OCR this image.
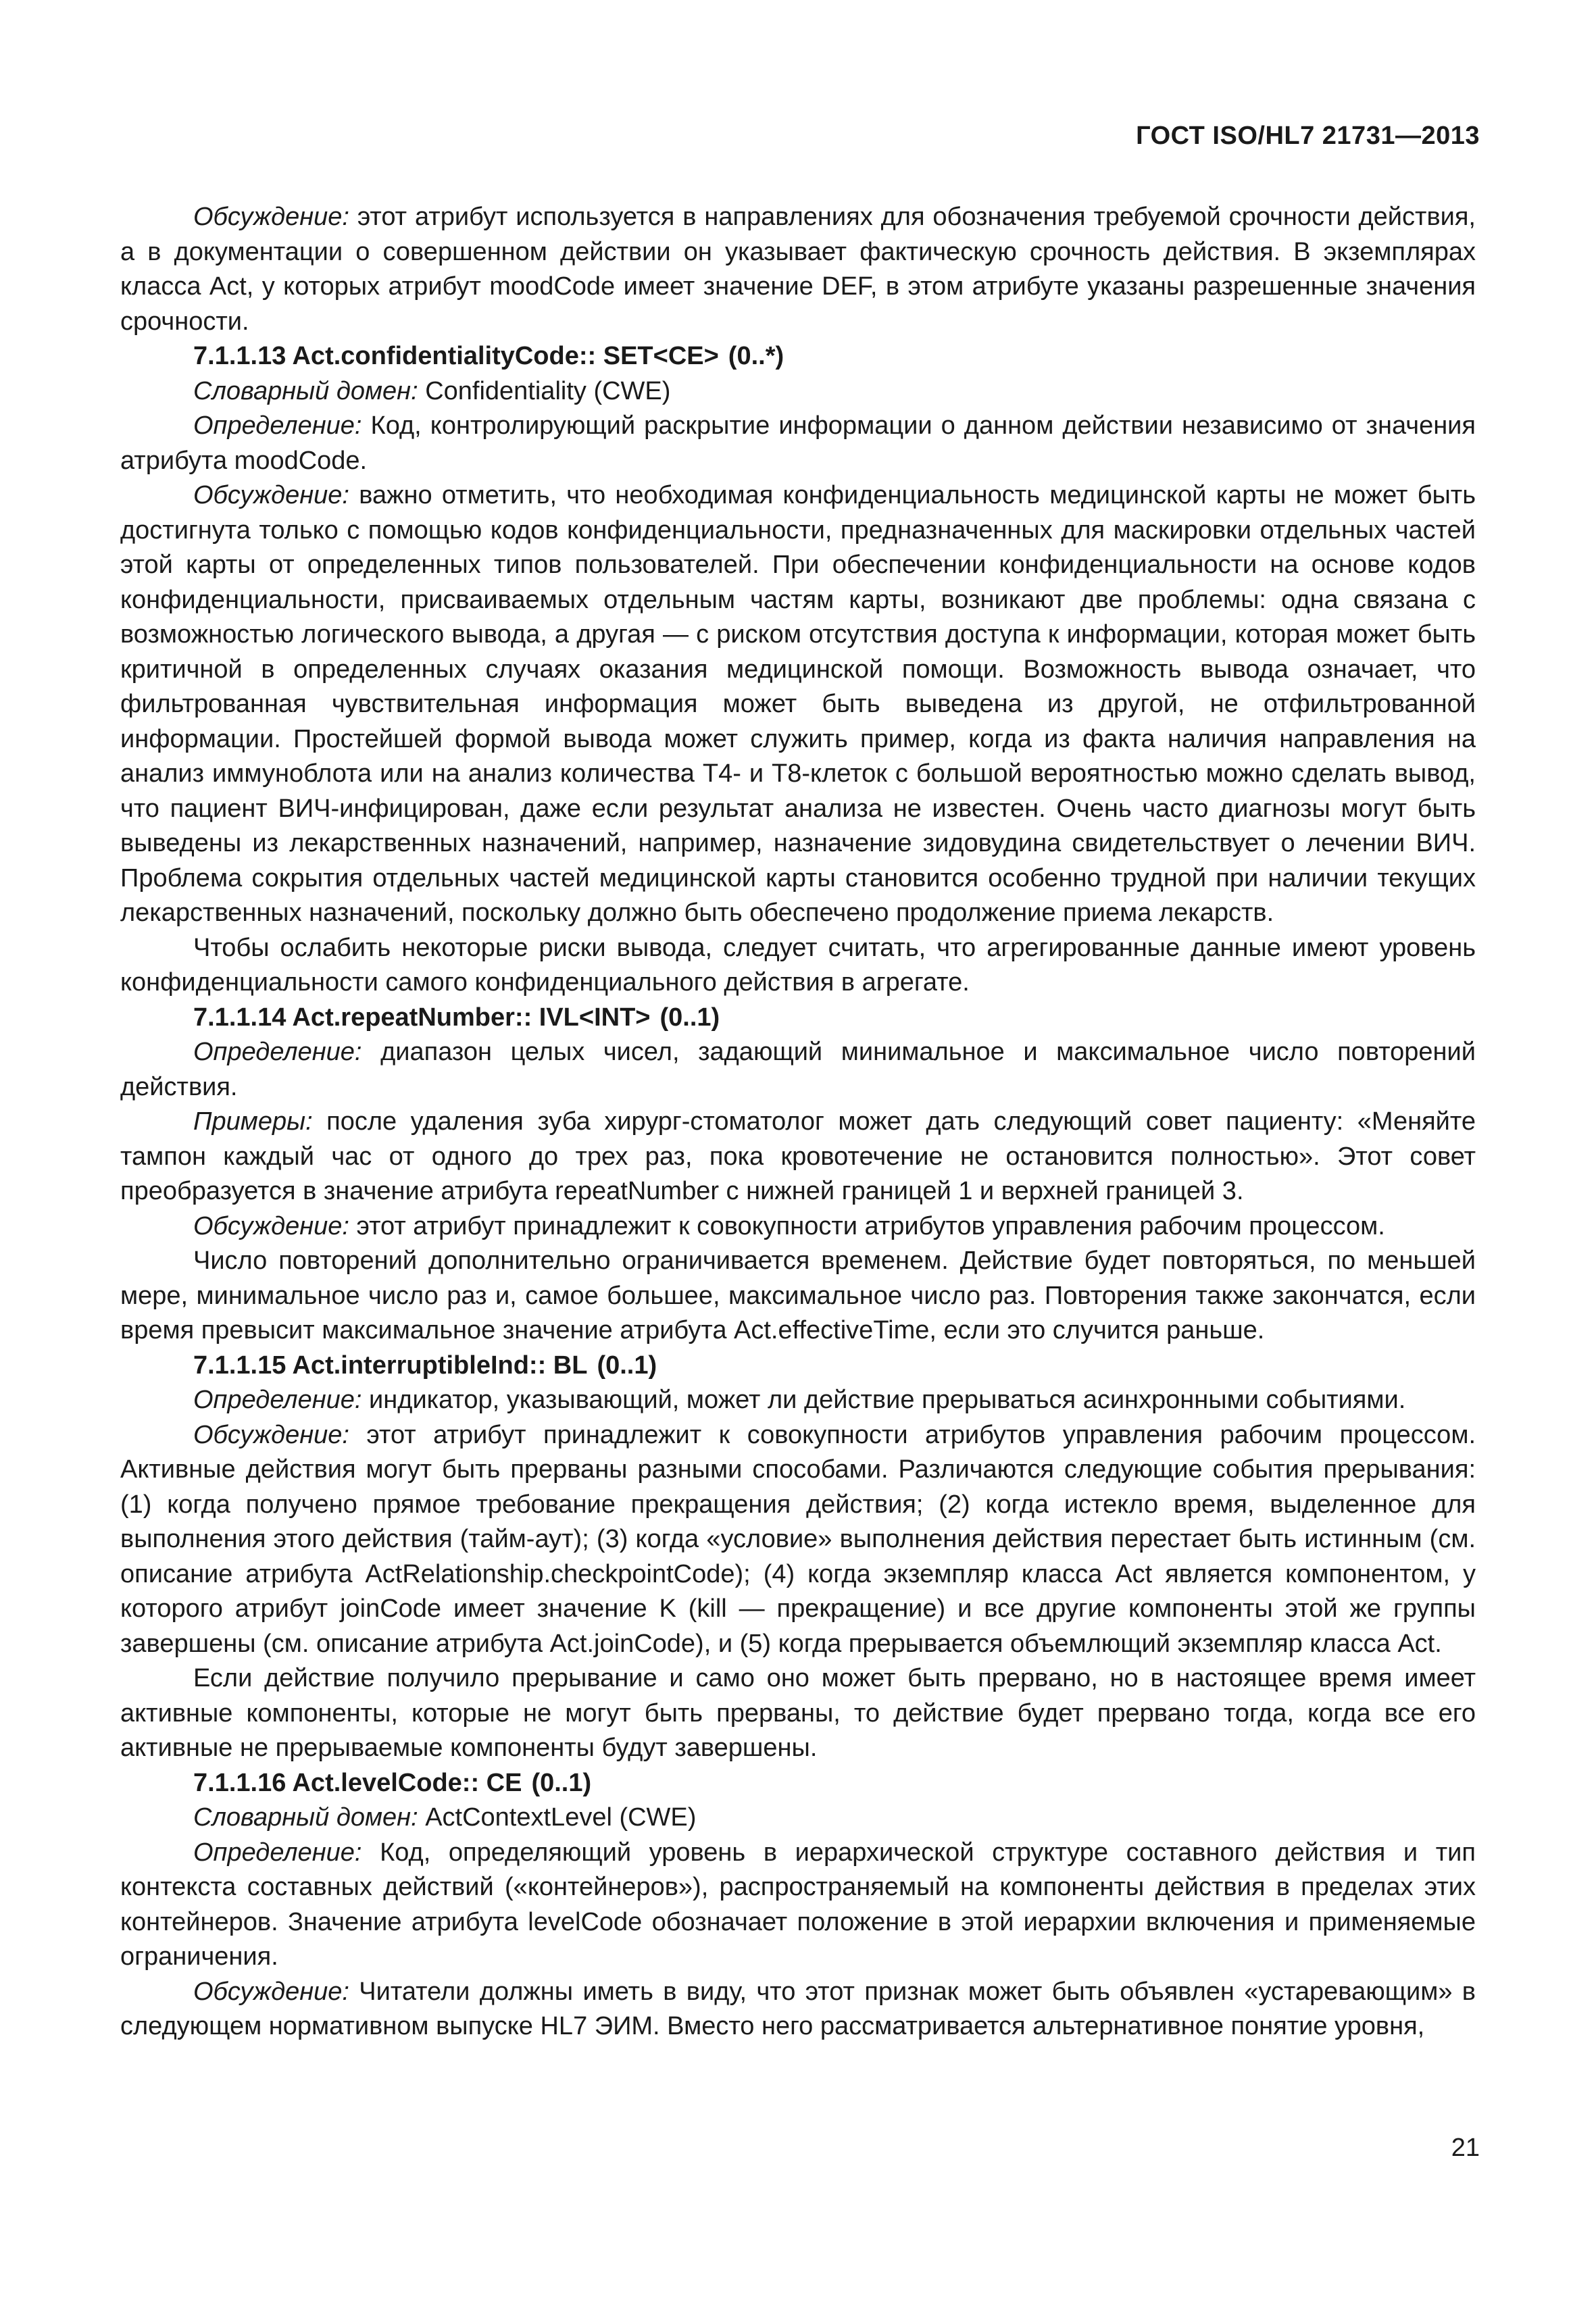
ГОСТ ISO/HL7 21731—2013

Обсуждение: этот атрибут используется в направлениях для обозначения требуемой срочности действия, а в документации о совершенном действии он указывает фактическую срочность действия. В экземплярах класса Act, у которых атрибут moodCode имеет значение DEF, в этом атрибуте указаны разрешенные значения срочности.

7.1.1.13 Act.confidentialityCode:: SET<CE> (0..*)

Словарный домен: Confidentiality (CWE)

Определение: Код, контролирующий раскрытие информации о данном действии независимо от значения атрибута moodCode.

Обсуждение: важно отметить, что необходимая конфиденциальность медицинской карты не может быть достигнута только с помощью кодов конфиденциальности, предназначенных для маскировки отдельных частей этой карты от определенных типов пользователей. При обеспечении конфиденциальности на основе кодов конфиденциальности, присваиваемых отдельным частям карты, возникают две проблемы: одна связана с возможностью логического вывода, а другая — с риском отсутствия доступа к информации, которая может быть критичной в определенных случаях оказания медицинской помощи. Возможность вывода означает, что фильтрованная чувствительная информация может быть выведена из другой, не отфильтрованной информации. Простейшей формой вывода может служить пример, когда из факта наличия направления на анализ иммуноблота или на анализ количества T4- и T8-клеток с большой вероятностью можно сделать вывод, что пациент ВИЧ-инфицирован, даже если результат анализа не известен. Очень часто диагнозы могут быть выведены из лекарственных назначений, например, назначение зидовудина свидетельствует о лечении ВИЧ. Проблема сокрытия отдельных частей медицинской карты становится особенно трудной при наличии текущих лекарственных назначений, поскольку должно быть обеспечено продолжение приема лекарств.

Чтобы ослабить некоторые риски вывода, следует считать, что агрегированные данные имеют уровень конфиденциальности самого конфиденциального действия в агрегате.

7.1.1.14 Act.repeatNumber:: IVL<INT> (0..1)

Определение: диапазон целых чисел, задающий минимальное и максимальное число повторений действия.

Примеры: после удаления зуба хирург-стоматолог может дать следующий совет пациенту: «Меняйте тампон каждый час от одного до трех раз, пока кровотечение не остановится полностью». Этот совет преобразуется в значение атрибута repeatNumber с нижней границей 1 и верхней границей 3.

Обсуждение: этот атрибут принадлежит к совокупности атрибутов управления рабочим процессом.

Число повторений дополнительно ограничивается временем. Действие будет повторяться, по меньшей мере, минимальное число раз и, самое большее, максимальное число раз. Повторения также закончатся, если время превысит максимальное значение атрибута Act.effectiveTime, если это случится раньше.

7.1.1.15 Act.interruptibleInd:: BL (0..1)

Определение: индикатор, указывающий, может ли действие прерываться асинхронными событиями.

Обсуждение: этот атрибут принадлежит к совокупности атрибутов управления рабочим процессом. Активные действия могут быть прерваны разными способами. Различаются следующие события прерывания: (1) когда получено прямое требование прекращения действия; (2) когда истекло время, выделенное для выполнения этого действия (тайм-аут); (3) когда «условие» выполнения действия перестает быть истинным (см. описание атрибута ActRelationship.checkpointCode); (4) когда экземпляр класса Act является компонентом, у которого атрибут joinCode имеет значение K (kill — прекращение) и все другие компоненты этой же группы завершены (см. описание атрибута Act.joinCode), и (5) когда прерывается объемлющий экземпляр класса Act.

Если действие получило прерывание и само оно может быть прервано, но в настоящее время имеет активные компоненты, которые не могут быть прерваны, то действие будет прервано тогда, когда все его активные не прерываемые компоненты будут завершены.

7.1.1.16 Act.levelCode:: CE (0..1)

Словарный домен: ActContextLevel (CWE)

Определение: Код, определяющий уровень в иерархической структуре составного действия и тип контекста составных действий («контейнеров»), распространяемый на компоненты действия в пределах этих контейнеров. Значение атрибута levelCode обозначает положение в этой иерархии включения и применяемые ограничения.

Обсуждение: Читатели должны иметь в виду, что этот признак может быть объявлен «устаревающим» в следующем нормативном выпуске HL7 ЭИМ. Вместо него рассматривается альтернативное понятие уровня,

21
